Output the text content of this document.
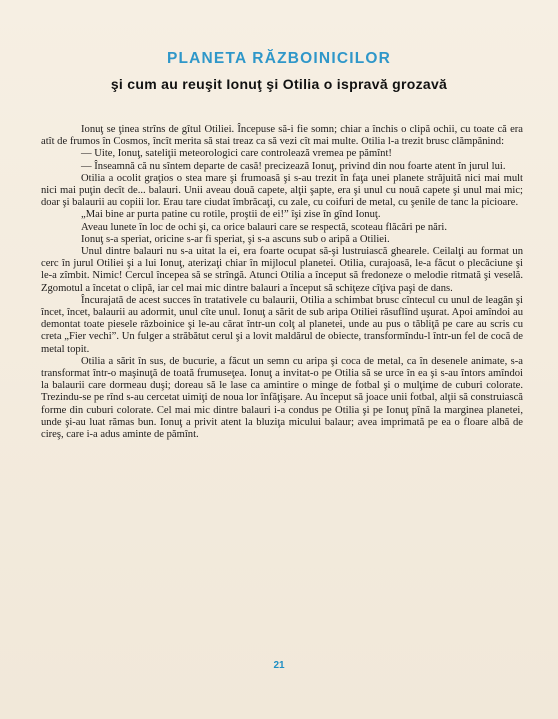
PLANETA RĂZBOINICILOR
şi cum au reuşit Ionuţ şi Otilia o ispravă grozavă

Ionuţ se ţinea strîns de gîtul Otiliei. Începuse să-i fie somn; chiar a închis o clipă ochii, cu toate că era atît de frumos în Cosmos, încît merita să stai treaz ca să vezi cît mai multe. Otilia l-a trezit brusc clămpănind:

— Uite, Ionuţ, sateliţii meteorologici care controlează vremea pe pămînt!

— Înseamnă că nu sîntem departe de casă! precizează Ionuţ, privind din nou foarte atent în jurul lui.

Otilia a ocolit graţios o stea mare şi frumoasă şi s-au trezit în faţa unei planete străjuită nici mai mult nici mai puţin decît de... balauri. Unii aveau două capete, alţii şapte, era şi unul cu nouă capete şi unul mai mic; doar şi balaurii au copiii lor. Erau tare ciudat îmbrăcaţi, cu zale, cu coifuri de metal, cu şenile de tanc la picioare.

„Mai bine ar purta patine cu rotile, proştii de ei!” îşi zise în gînd Ionuţ.

Aveau lunete în loc de ochi şi, ca orice balauri care se respectă, scoteau flăcări pe nări.

Ionuţ s-a speriat, oricine s-ar fi speriat, şi s-a ascuns sub o aripă a Otiliei.

Unul dintre balauri nu s-a uitat la ei, era foarte ocupat să-şi lustruiască ghearele. Ceilalţi au format un cerc în jurul Otiliei şi a lui Ionuţ, aterizaţi chiar în mijlocul planetei. Otilia, curajoasă, le-a făcut o plecăciune şi le-a zîmbit. Nimic! Cercul începea să se strîngă. Atunci Otilia a început să fredoneze o melodie ritmată şi veselă. Zgomotul a încetat o clipă, iar cel mai mic dintre balauri a început să schiţeze cîţiva paşi de dans.

Încurajată de acest succes în tratativele cu balaurii, Otilia a schimbat brusc cîntecul cu unul de leagăn şi încet, încet, balaurii au adormit, unul cîte unul. Ionuţ a sărit de sub aripa Otiliei răsuflînd uşurat. Apoi amîndoi au demontat toate piesele războinice şi le-au cărat într-un colţ al planetei, unde au pus o tăbliţă pe care au scris cu creta „Fier vechi”. Un fulger a străbătut cerul şi a lovit maldărul de obiecte, transformîndu-l într-un fel de cocă de metal topit.

Otilia a sărit în sus, de bucurie, a făcut un semn cu aripa şi coca de metal, ca în desenele animate, s-a transformat într-o maşinuţă de toată frumuseţea. Ionuţ a invitat-o pe Otilia să se urce în ea şi s-au întors amîndoi la balaurii care dormeau duşi; doreau să le lase ca amintire o minge de fotbal şi o mulţime de cuburi colorate. Trezindu-se pe rînd s-au cercetat uimiţi de noua lor înfăţişare. Au început să joace unii fotbal, alţii să construiască forme din cuburi colorate. Cel mai mic dintre balauri i-a condus pe Otilia şi pe Ionuţ pînă la marginea planetei, unde şi-au luat rămas bun. Ionuţ a privit atent la bluziţa micului balaur; avea imprimată pe ea o floare albă de cireş, care i-a adus aminte de pămînt.

21
